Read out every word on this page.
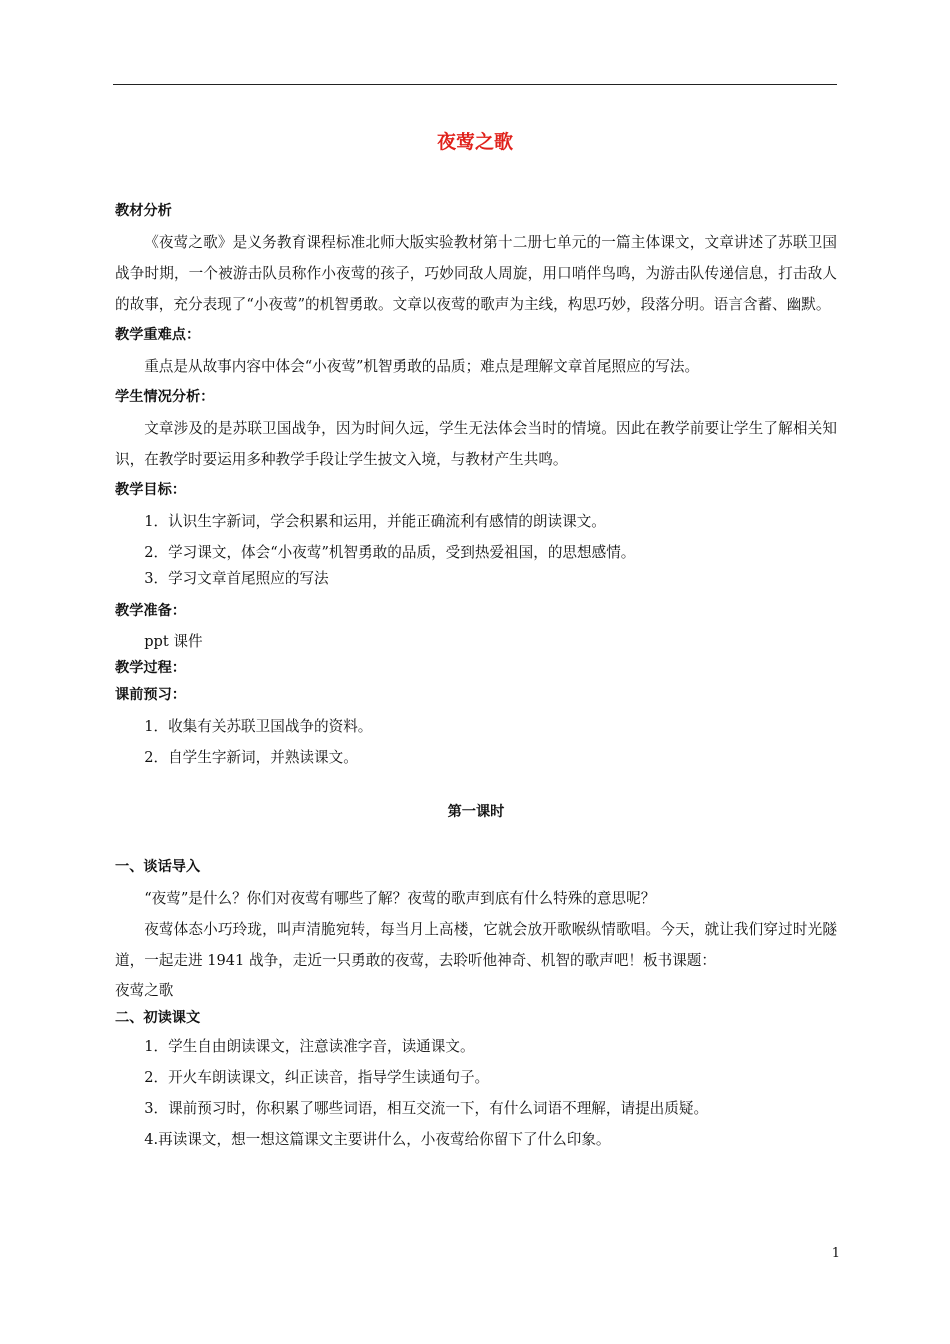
夜莺之歌

教材分析

《夜莺之歌》是义务教育课程标准北师大版实验教材第十二册七单元的一篇主体课文，文章讲述了苏联卫国战争时期，一个被游击队员称作小夜莺的孩子，巧妙同敌人周旋，用口哨伴鸟鸣，为游击队传递信息，打击敌人的故事，充分表现了“小夜莺”的机智勇敢。文章以夜莺的歌声为主线，构思巧妙，段落分明。语言含蓄、幽默。

教学重难点：

重点是从故事内容中体会“小夜莺”机智勇敢的品质；难点是理解文章首尾照应的写法。

学生情况分析：

文章涉及的是苏联卫国战争，因为时间久远，学生无法体会当时的情境。因此在教学前要让学生了解相关知识，在教学时要运用多种教学手段让学生披文入境，与教材产生共鸣。

教学目标：

1．认识生字新词，学会积累和运用，并能正确流利有感情的朗读课文。

2．学习课文，体会“小夜莺”机智勇敢的品质，受到热爱祖国，的思想感情。

3．学习文章首尾照应的写法

教学准备：

ppt 课件

教学过程：

课前预习：

1．收集有关苏联卫国战争的资料。

2．自学生字新词，并熟读课文。

第一课时

一、谈话导入

“夜莺”是什么？你们对夜莺有哪些了解？夜莺的歌声到底有什么特殊的意思呢？

夜莺体态小巧玲珑，叫声清脆宛转，每当月上高楼，它就会放开歌喉纵情歌唱。今天，就让我们穿过时光隧道，一起走进 1941 战争，走近一只勇敢的夜莺，去聆听他神奇、机智的歌声吧！板书课题：

夜莺之歌

二、初读课文

1．学生自由朗读课文，注意读准字音，读通课文。

2．开火车朗读课文，纠正读音，指导学生读通句子。

3．课前预习时，你积累了哪些词语，相互交流一下，有什么词语不理解，请提出质疑。

4.再读课文，想一想这篇课文主要讲什么，小夜莺给你留下了什么印象。

1
